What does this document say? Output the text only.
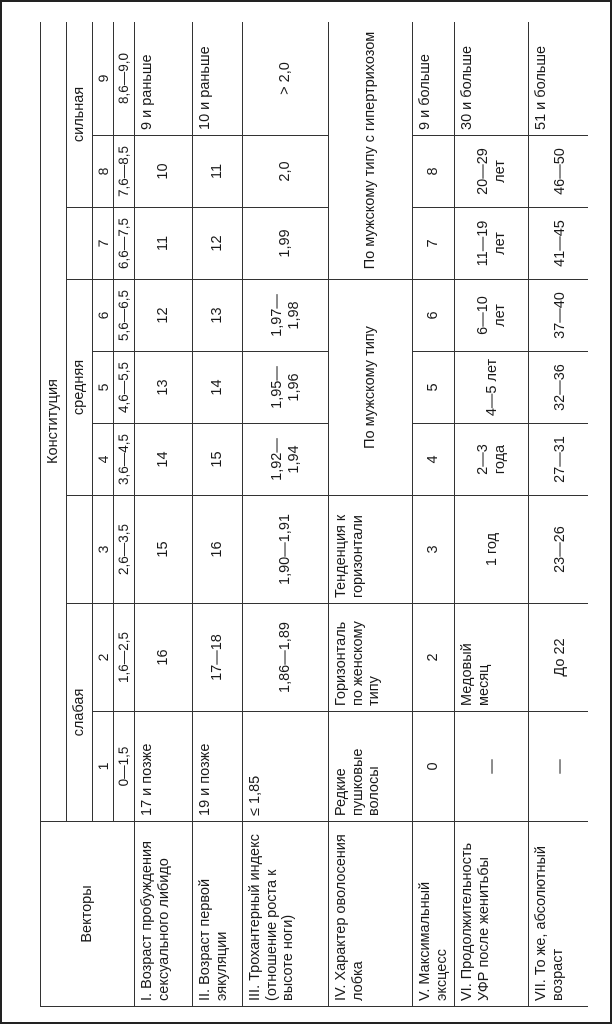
Векторы	Конституция								
	слабая			средняя				сильная	
	1	2	3	4	5	6	7	8	9
	0—1,5	1,6—2,5	2,6—3,5	3,6—4,5	4,6—5,5	5,6—6,5	6,6—7,5	7,6—8,5	8,6—9,0
I. Возраст пробуждения сексуального либидо	17 и позже	16	15	14	13	12	11	10	9 и раньше
II. Возраст первой эякуляции	19 и позже	17—18	16	15	14	13	12	11	10 и раньше
III. Трохантерный индекс (отношение роста к высоте ноги)	≤ 1,85	1,86—1,89	1,90—1,91	1,92—1,94	1,95—1,96	1,97—1,98	1,99	2,0	> 2,0
IV. Характер оволосения лобка	Редкие пушковые волосы	Горизонталь по женскому типу	Тенденция к горизонтали	По мужскому типу			По мужскому типу с гипертрихозом		
V. Максимальный эксцесс	0	2	3	4	5	6	7	8	9 и больше
VI. Продолжительность УФР после женитьбы	—	Медовый месяц	1 год	2—3 года	4—5 лет	6—10 лет	11—19 лет	20—29 лет	30 и больше
VII. То же, абсолютный возраст	—	До 22	23—26	27—31	32—36	37—40	41—45	46—50	51 и больше
